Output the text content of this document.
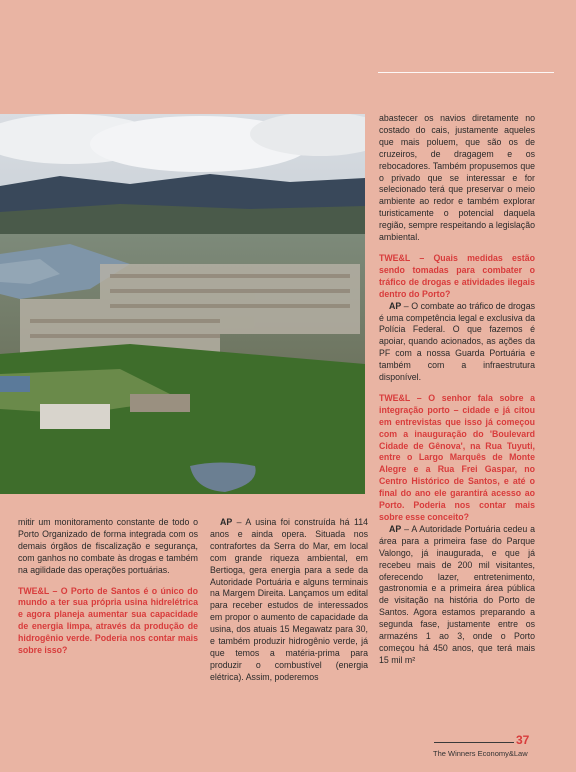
abastecer os navios diretamente no costado do cais, justamente aqueles que mais poluem, que são os de cruzeiros, de dragagem e os rebocadores. Também propusemos que o privado que se interessar e for selecionado terá que preservar o meio ambiente ao redor e também explorar turisticamente o potencial daquela região, sempre respeitando a legislação ambiental.

TWE&L – Quais medidas estão sendo tomadas para combater o tráfico de drogas e atividades ilegais dentro do Porto?

AP – O combate ao tráfico de drogas é uma competência legal e exclusiva da Polícia Federal. O que fazemos é apoiar, quando acionados, as ações da PF com a nossa Guarda Portuária e também com a infraestrutura disponível.

TWE&L – O senhor fala sobre a integração porto – cidade e já citou em entrevistas que isso já começou com a inauguração do 'Boulevard Cidade de Gênova', na Rua Tuyuti, entre o Largo Marquês de Monte Alegre e a Rua Frei Gaspar, no Centro Histórico de Santos, e até o final do ano ele garantirá acesso ao Porto. Poderia nos contar mais sobre esse conceito?

AP – A Autoridade Portuária cedeu a área para a primeira fase do Parque Valongo, já inaugurada, e que já recebeu mais de 200 mil visitantes, oferecendo lazer, entretenimento, gastronomia e a primeira área pública de visitação na história do Porto de Santos. Agora estamos preparando a segunda fase, justamente entre os armazéns 1 ao 3, onde o Porto começou há 450 anos, que terá mais 15 mil m²

mitir um monitoramento constante de todo o Porto Organizado de forma integrada com os demais órgãos de fiscalização e segurança, com ganhos no combate às drogas e também na agilidade das operações portuárias.

TWE&L – O Porto de Santos é o único do mundo a ter sua própria usina hidrelétrica e agora planeja aumentar sua capacidade de energia limpa, através da produção de hidrogênio verde. Poderia nos contar mais sobre isso?

AP – A usina foi construída há 114 anos e ainda opera. Situada nos contrafortes da Serra do Mar, em local com grande riqueza ambiental, em Bertioga, gera energia para a sede da Autoridade Portuária e alguns terminais na Margem Direita. Lançamos um edital para receber estudos de interessados em propor o aumento de capacidade da usina, dos atuais 15 Megawatz para 30, e também produzir hidrogênio verde, já que temos a matéria-prima para produzir o combustível (energia elétrica). Assim, poderemos

37
The Winners Economy&Law
